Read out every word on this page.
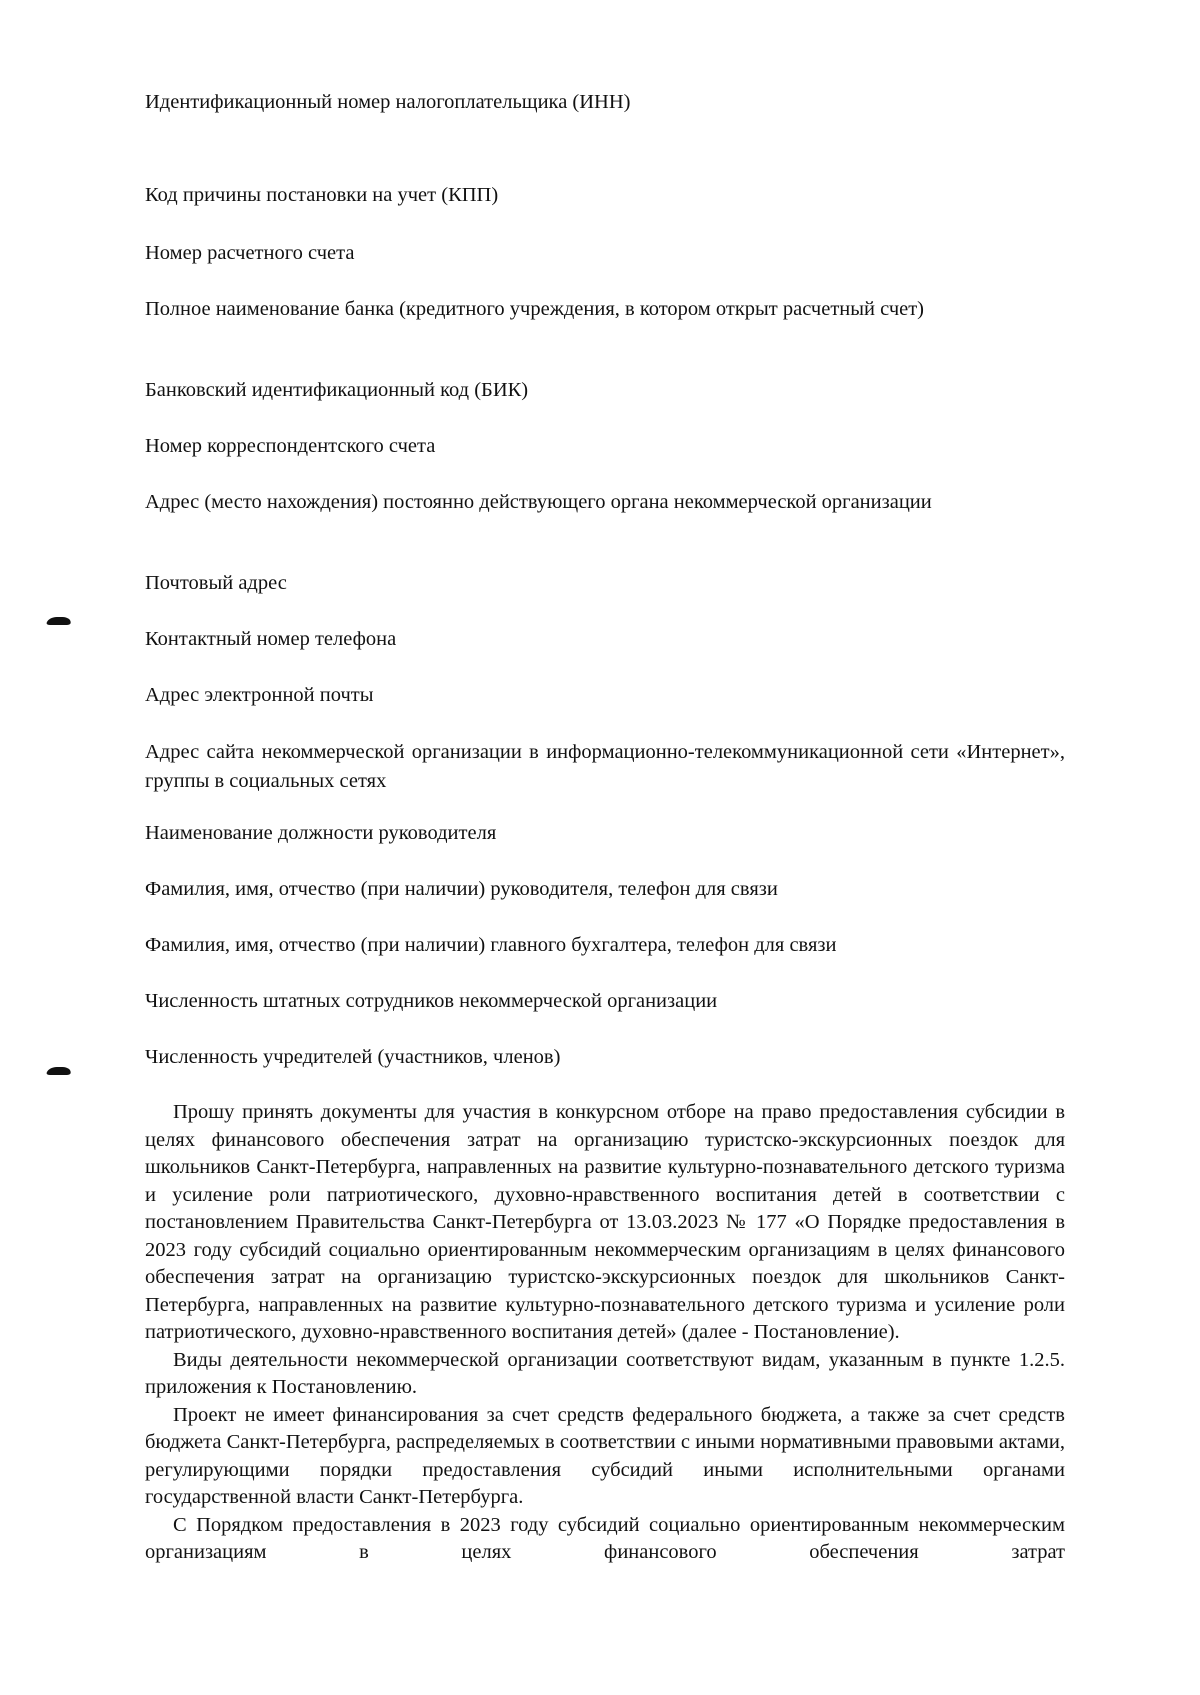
Идентификационный номер налогоплательщика (ИНН)
Код причины постановки на учет (КПП)
Номер расчетного счета
Полное наименование банка (кредитного учреждения, в котором открыт расчетный счет)
Банковский идентификационный код (БИК)
Номер корреспондентского счета
Адрес (место нахождения) постоянно действующего органа некоммерческой организации
Почтовый адрес
Контактный номер телефона
Адрес электронной почты
Адрес сайта некоммерческой организации в информационно-телекоммуникационной сети «Интернет», группы в социальных сетях
Наименование должности руководителя
Фамилия, имя, отчество (при наличии) руководителя, телефон для связи
Фамилия, имя, отчество (при наличии) главного бухгалтера, телефон для связи
Численность штатных сотрудников некоммерческой организации
Численность учредителей (участников, членов)

Прошу принять документы для участия в конкурсном отборе на право предоставления субсидии в целях финансового обеспечения затрат на организацию туристско-экскурсионных поездок для школьников Санкт-Петербурга, направленных на развитие культурно-познавательного детского туризма и усиление роли патриотического, духовно-нравственного воспитания детей в соответствии с постановлением Правительства Санкт-Петербурга от 13.03.2023 № 177 «О Порядке предоставления в 2023 году субсидий социально ориентированным некоммерческим организациям в целях финансового обеспечения затрат на организацию туристско-экскурсионных поездок для школьников Санкт-Петербурга, направленных на развитие культурно-познавательного детского туризма и усиление роли патриотического, духовно-нравственного воспитания детей» (далее - Постановление).

Виды деятельности некоммерческой организации соответствуют видам, указанным в пункте 1.2.5. приложения к Постановлению.

Проект не имеет финансирования за счет средств федерального бюджета, а также за счет средств бюджета Санкт-Петербурга, распределяемых в соответствии с иными нормативными правовыми актами, регулирующими порядки предоставления субсидий иными исполнительными органами государственной власти Санкт-Петербурга.

С Порядком предоставления в 2023 году субсидий социально ориентированным некоммерческим организациям в целях финансового обеспечения затрат
